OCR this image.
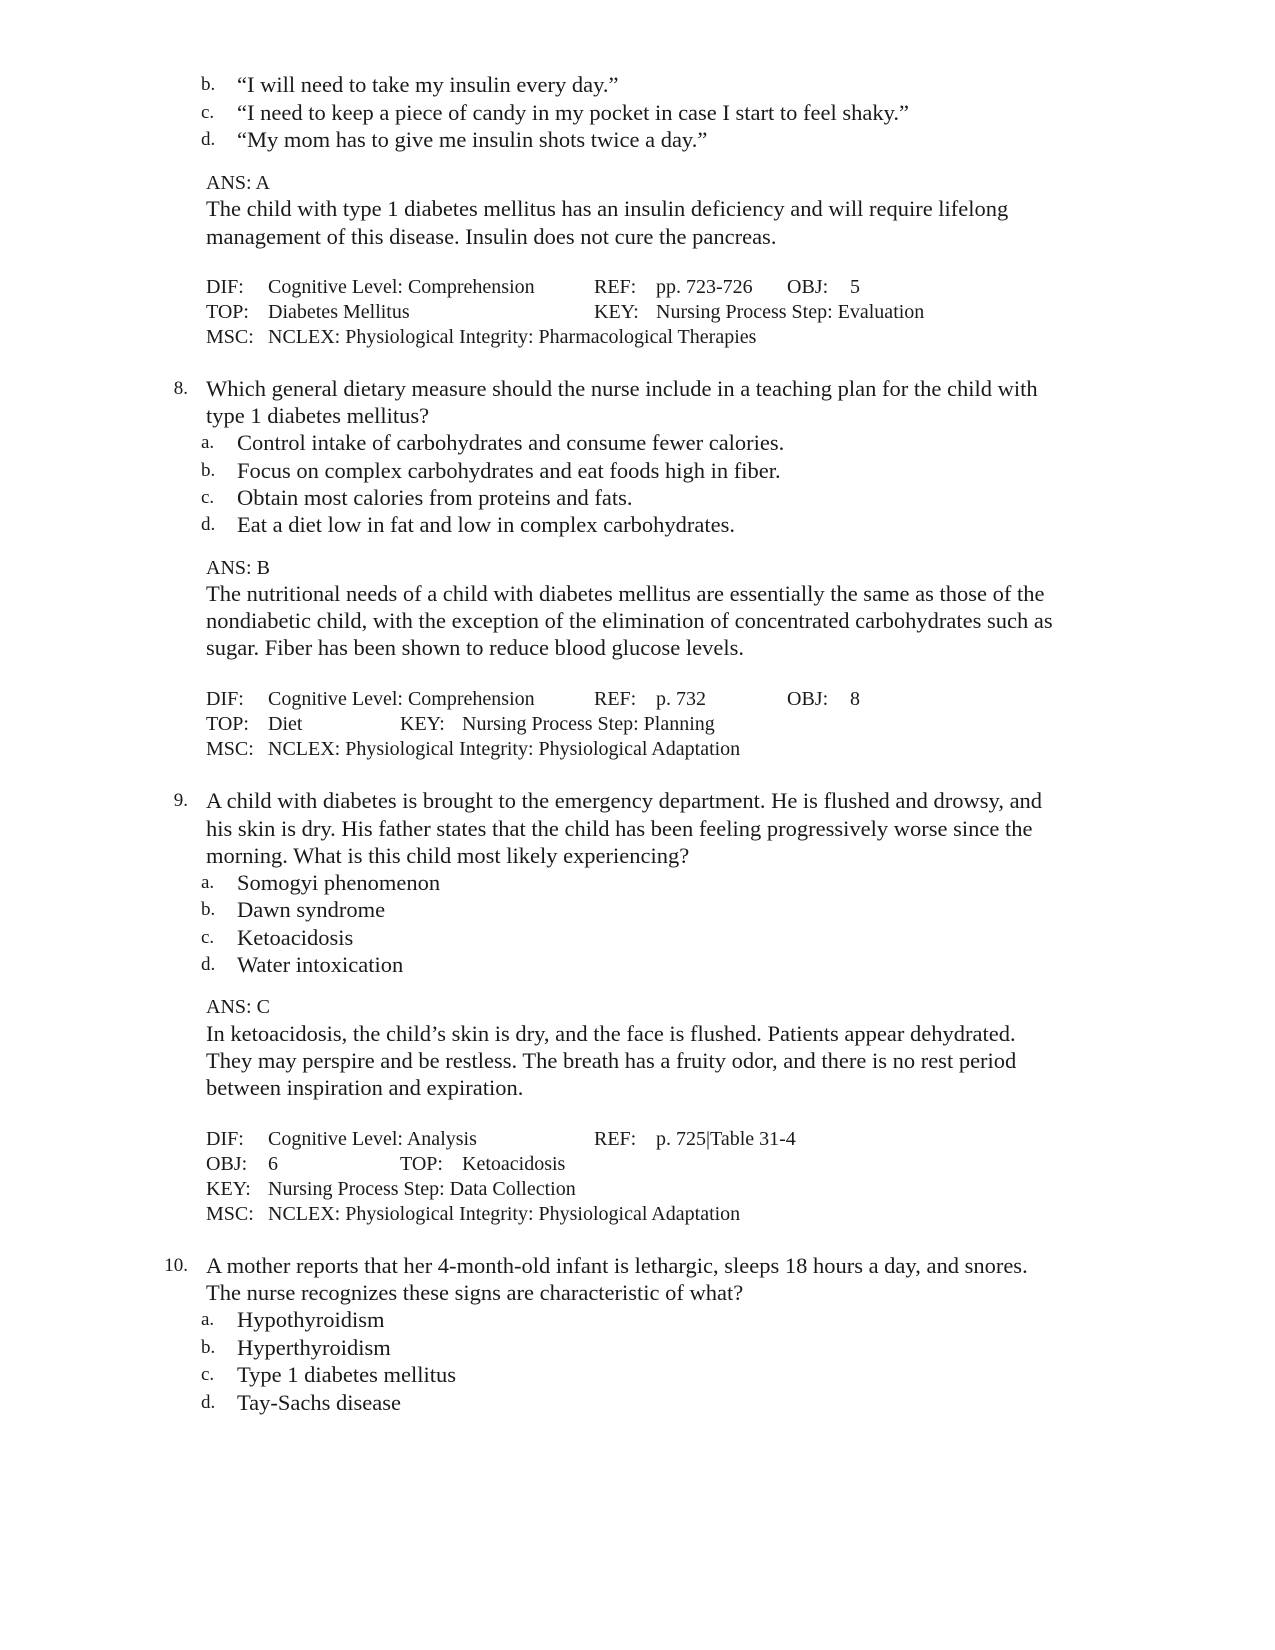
b. “I will need to take my insulin every day.”
c. “I need to keep a piece of candy in my pocket in case I start to feel shaky.”
d. “My mom has to give me insulin shots twice a day.”
ANS: A
The child with type 1 diabetes mellitus has an insulin deficiency and will require lifelong
management of this disease. Insulin does not cure the pancreas.
DIF: Cognitive Level: Comprehension	REF: pp. 723-726 OBJ: 5
TOP: Diabetes Mellitus	KEY: Nursing Process Step: Evaluation
MSC: NCLEX: Physiological Integrity: Pharmacological Therapies
8. Which general dietary measure should the nurse include in a teaching plan for the child with
type 1 diabetes mellitus?
a. Control intake of carbohydrates and consume fewer calories.
b. Focus on complex carbohydrates and eat foods high in fiber.
c. Obtain most calories from proteins and fats.
d. Eat a diet low in fat and low in complex carbohydrates.
ANS: B
The nutritional needs of a child with diabetes mellitus are essentially the same as those of the
nondiabetic child, with the exception of the elimination of concentrated carbohydrates such as
sugar. Fiber has been shown to reduce blood glucose levels.
DIF: Cognitive Level: Comprehension	REF: p. 732	OBJ: 8
TOP: Diet	KEY: Nursing Process Step: Planning
MSC: NCLEX: Physiological Integrity: Physiological Adaptation
9. A child with diabetes is brought to the emergency department. He is flushed and drowsy, and
his skin is dry. His father states that the child has been feeling progressively worse since the
morning. What is this child most likely experiencing?
a. Somogyi phenomenon
b. Dawn syndrome
c. Ketoacidosis
d. Water intoxication
ANS: C
In ketoacidosis, the child’s skin is dry, and the face is flushed. Patients appear dehydrated.
They may perspire and be restless. The breath has a fruity odor, and there is no rest period
between inspiration and expiration.
DIF: Cognitive Level: Analysis	REF: p. 725|Table 31-4
OBJ: 6	TOP: Ketoacidosis
KEY: Nursing Process Step: Data Collection
MSC: NCLEX: Physiological Integrity: Physiological Adaptation
10. A mother reports that her 4-month-old infant is lethargic, sleeps 18 hours a day, and snores.
The nurse recognizes these signs are characteristic of what?
a. Hypothyroidism
b. Hyperthyroidism
c. Type 1 diabetes mellitus
d. Tay-Sachs disease
